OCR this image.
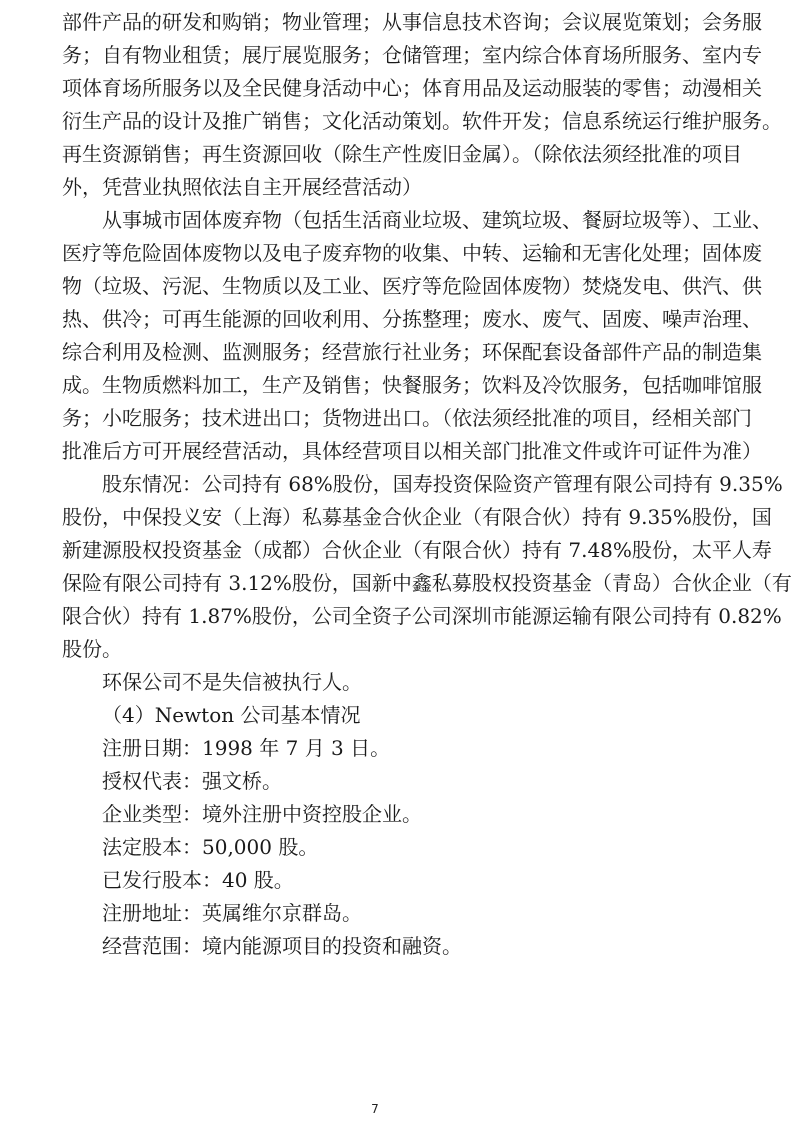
部件产品的研发和购销；物业管理；从事信息技术咨询；会议展览策划；会务服
务；自有物业租赁；展厅展览服务；仓储管理；室内综合体育场所服务、室内专
项体育场所服务以及全民健身活动中心；体育用品及运动服装的零售；动漫相关
衍生产品的设计及推广销售；文化活动策划。软件开发；信息系统运行维护服务。
再生资源销售；再生资源回收（除生产性废旧金属）。（除依法须经批准的项目
外，凭营业执照依法自主开展经营活动）
从事城市固体废弃物（包括生活商业垃圾、建筑垃圾、餐厨垃圾等）、工业、
医疗等危险固体废物以及电子废弃物的收集、中转、运输和无害化处理；固体废
物（垃圾、污泥、生物质以及工业、医疗等危险固体废物）焚烧发电、供汽、供
热、供冷；可再生能源的回收利用、分拣整理；废水、废气、固废、噪声治理、
综合利用及检测、监测服务；经营旅行社业务；环保配套设备部件产品的制造集
成。生物质燃料加工，生产及销售；快餐服务；饮料及冷饮服务，包括咖啡馆服
务；小吃服务；技术进出口；货物进出口。（依法须经批准的项目，经相关部门
批准后方可开展经营活动，具体经营项目以相关部门批准文件或许可证件为准）
股东情况：公司持有 68%股份，国寿投资保险资产管理有限公司持有 9.35%
股份，中保投义安（上海）私募基金合伙企业（有限合伙）持有 9.35%股份，国
新建源股权投资基金（成都）合伙企业（有限合伙）持有 7.48%股份，太平人寿
保险有限公司持有 3.12%股份，国新中鑫私募股权投资基金（青岛）合伙企业（有
限合伙）持有 1.87%股份，公司全资子公司深圳市能源运输有限公司持有 0.82%
股份。
环保公司不是失信被执行人。
（4）Newton 公司基本情况
注册日期：1998 年 7 月 3 日。
授权代表：强文桥。
企业类型：境外注册中资控股企业。
法定股本：50,000 股。
已发行股本：40 股。
注册地址：英属维尔京群岛。
经营范围：境内能源项目的投资和融资。
7
